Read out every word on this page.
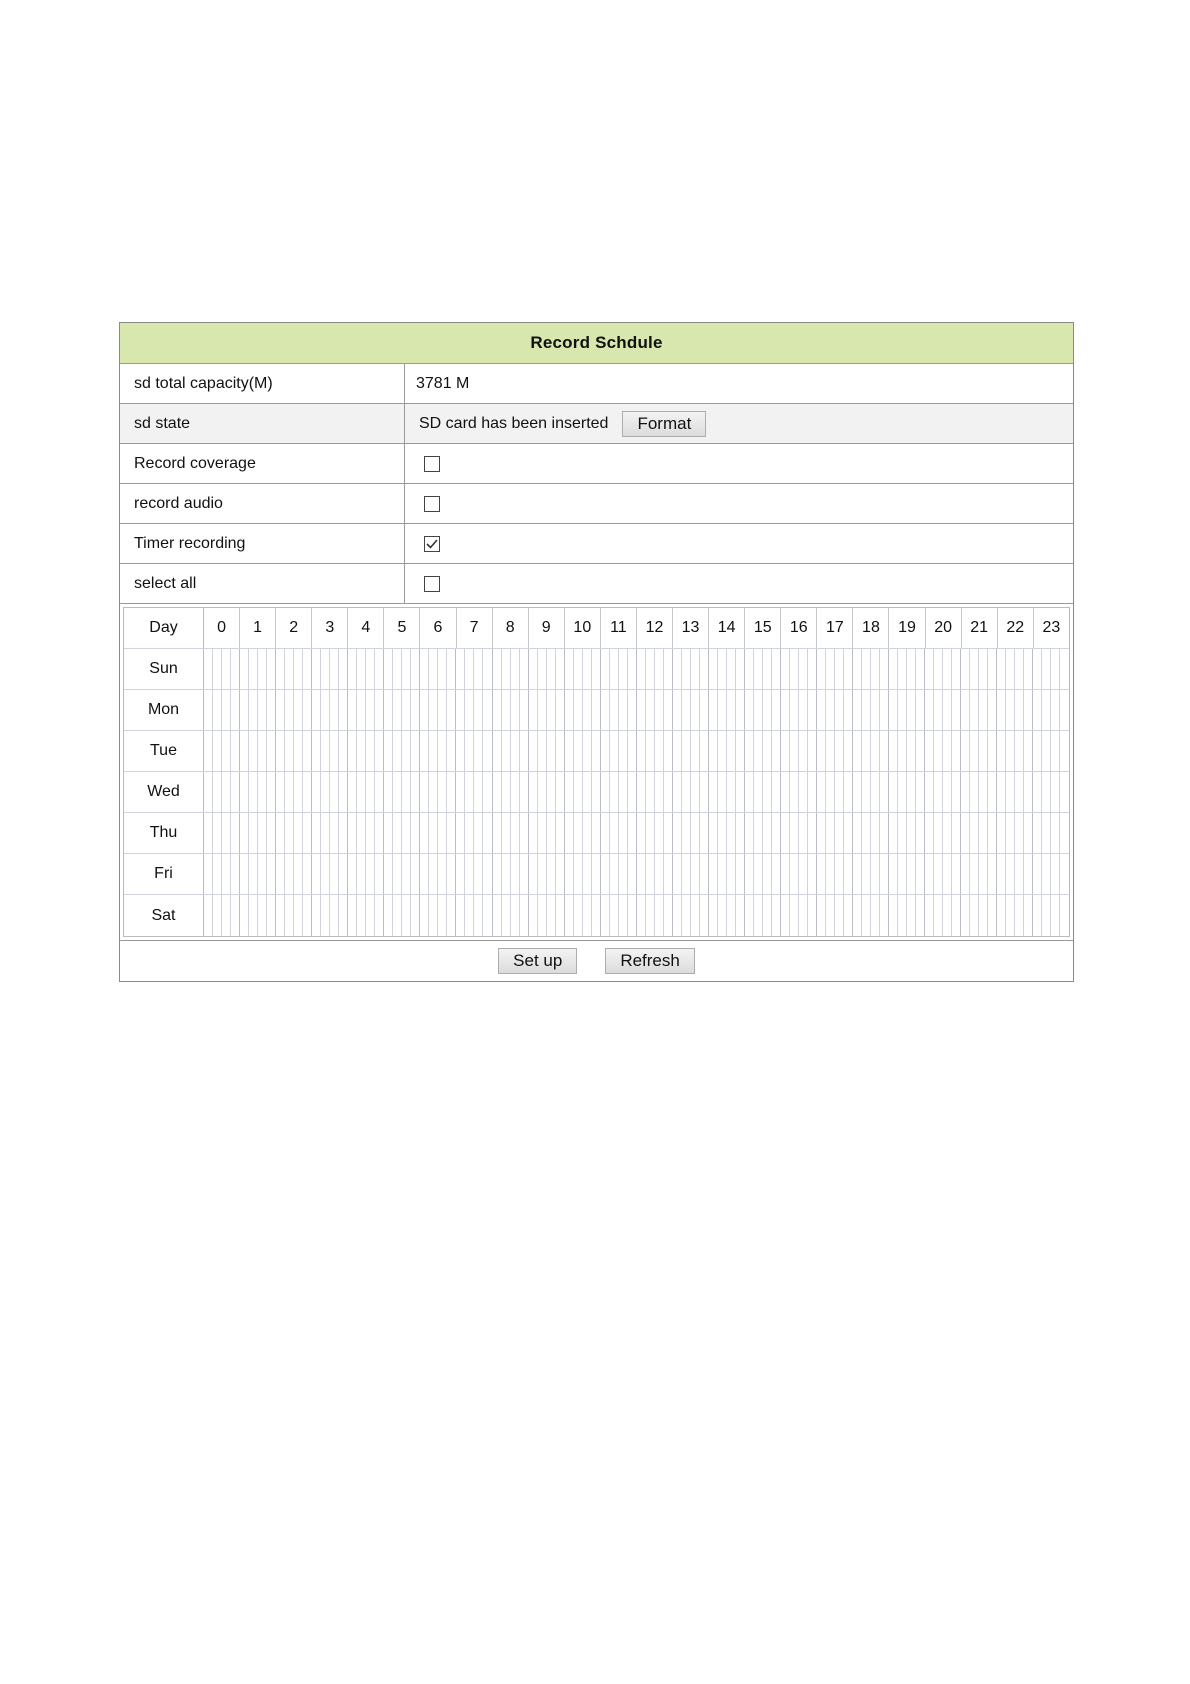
Record Schdule
sd total capacity(M)	3781 M
sd state	SD card has been inserted	Format
Record coverage
record audio
Timer recording
select all
Day	0	1	2	3	4	5	6	7	8	9	10	11	12	13	14	15	16	17	18	19	20	21	22	23
Sun
Mon
Tue
Wed
Thu
Fri
Sat
Set up	Refresh
